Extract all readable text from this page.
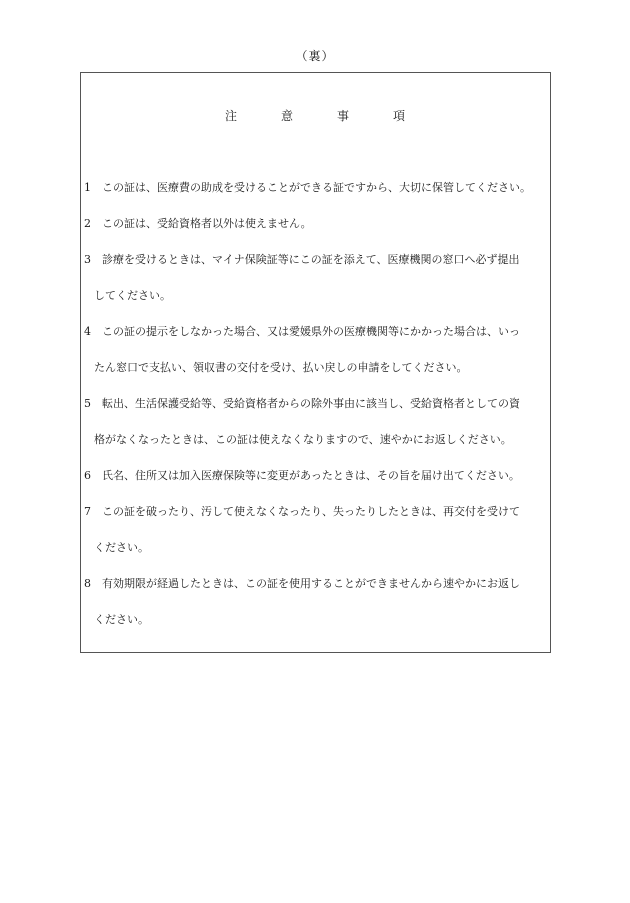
（裏）
注	意	事	項
1	この証は、医療費の助成を受けることができる証ですから、大切に保管してください。
2	この証は、受給資格者以外は使えません。
3	診療を受けるときは、マイナ保険証等にこの証を添えて、医療機関の窓口へ必ず提出
してください。
4	この証の提示をしなかった場合、又は愛媛県外の医療機関等にかかった場合は、いっ
たん窓口で支払い、領収書の交付を受け、払い戻しの申請をしてください。
5	転出、生活保護受給等、受給資格者からの除外事由に該当し、受給資格者としての資
格がなくなったときは、この証は使えなくなりますので、速やかにお返しください。
6	氏名、住所又は加入医療保険等に変更があったときは、その旨を届け出てください。
7	この証を破ったり、汚して使えなくなったり、失ったりしたときは、再交付を受けて
ください。
8	有効期限が経過したときは、この証を使用することができませんから速やかにお返し
ください。
